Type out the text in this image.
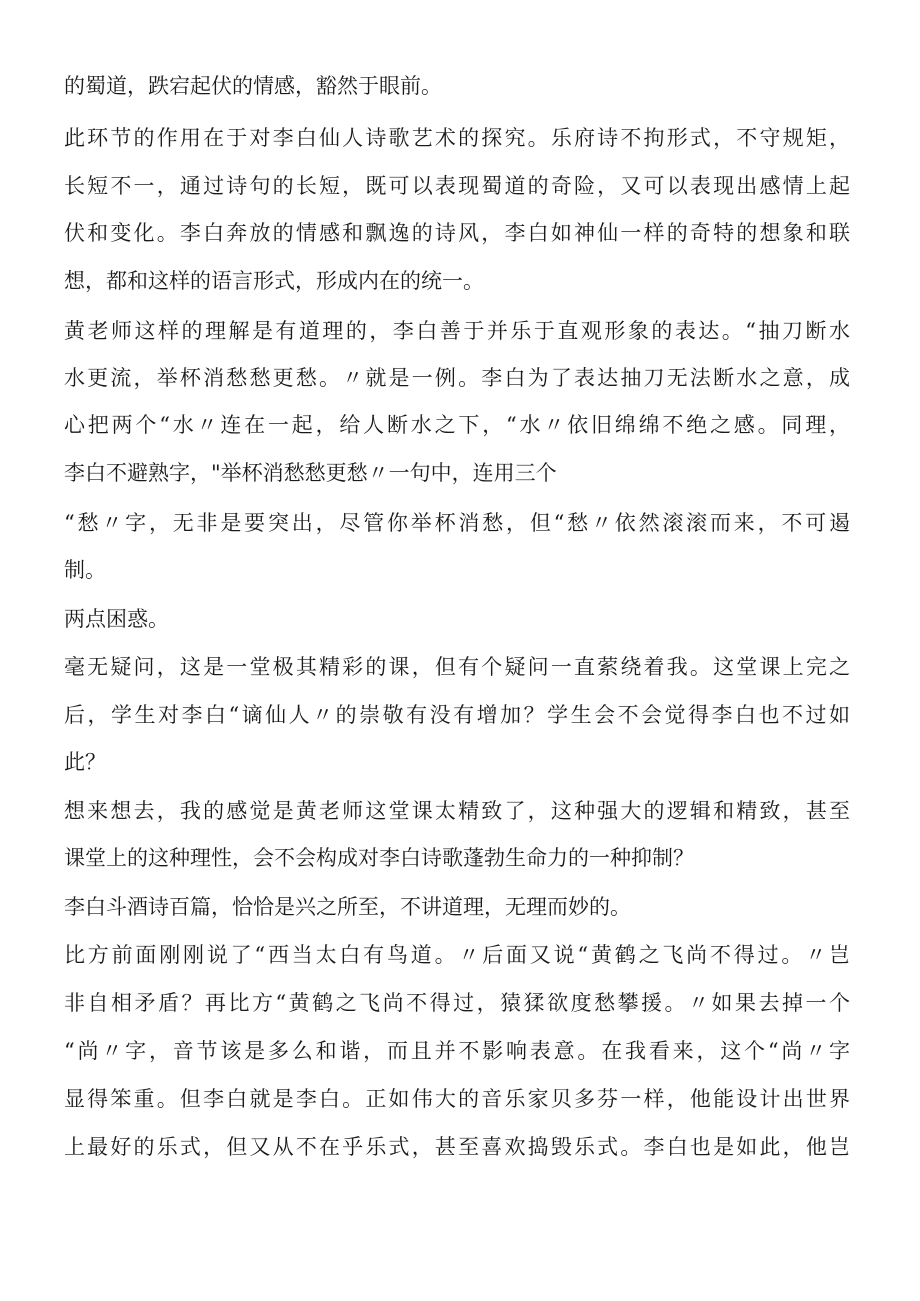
的蜀道，跌宕起伏的情感，豁然于眼前。
此环节的作用在于对李白仙人诗歌艺术的探究。乐府诗不拘形式，不守规矩，
长短不一，通过诗句的长短，既可以表现蜀道的奇险，又可以表现出感情上起
伏和变化。李白奔放的情感和飘逸的诗风，李白如神仙一样的奇特的想象和联
想，都和这样的语言形式，形成内在的统一。
黄老师这样的理解是有道理的，李白善于并乐于直观形象的表达。“抽刀断水
水更流，举杯消愁愁更愁。〃就是一例。李白为了表达抽刀无法断水之意，成
心把两个“水〃连在一起，给人断水之下，“水〃依旧绵绵不绝之感。同理，
李白不避熟字，"举杯消愁愁更愁〃一句中，连用三个
“愁〃字，无非是要突出，尽管你举杯消愁，但“愁〃依然滚滚而来，不可遏
制。
两点困惑。
毫无疑问，这是一堂极其精彩的课，但有个疑问一直萦绕着我。这堂课上完之
后，学生对李白“谪仙人〃的崇敬有没有增加？学生会不会觉得李白也不过如
此？
想来想去，我的感觉是黄老师这堂课太精致了，这种强大的逻辑和精致，甚至
课堂上的这种理性，会不会构成对李白诗歌蓬勃生命力的一种抑制？
李白斗酒诗百篇，恰恰是兴之所至，不讲道理，无理而妙的。
比方前面刚刚说了“西当太白有鸟道。〃后面又说“黄鹤之飞尚不得过。〃岂
非自相矛盾？再比方“黄鹤之飞尚不得过，猿猱欲度愁攀援。〃如果去掉一个
“尚〃字，音节该是多么和谐，而且并不影响表意。在我看来，这个“尚〃字
显得笨重。但李白就是李白。正如伟大的音乐家贝多芬一样，他能设计出世界
上最好的乐式，但又从不在乎乐式，甚至喜欢捣毁乐式。李白也是如此，他岂
